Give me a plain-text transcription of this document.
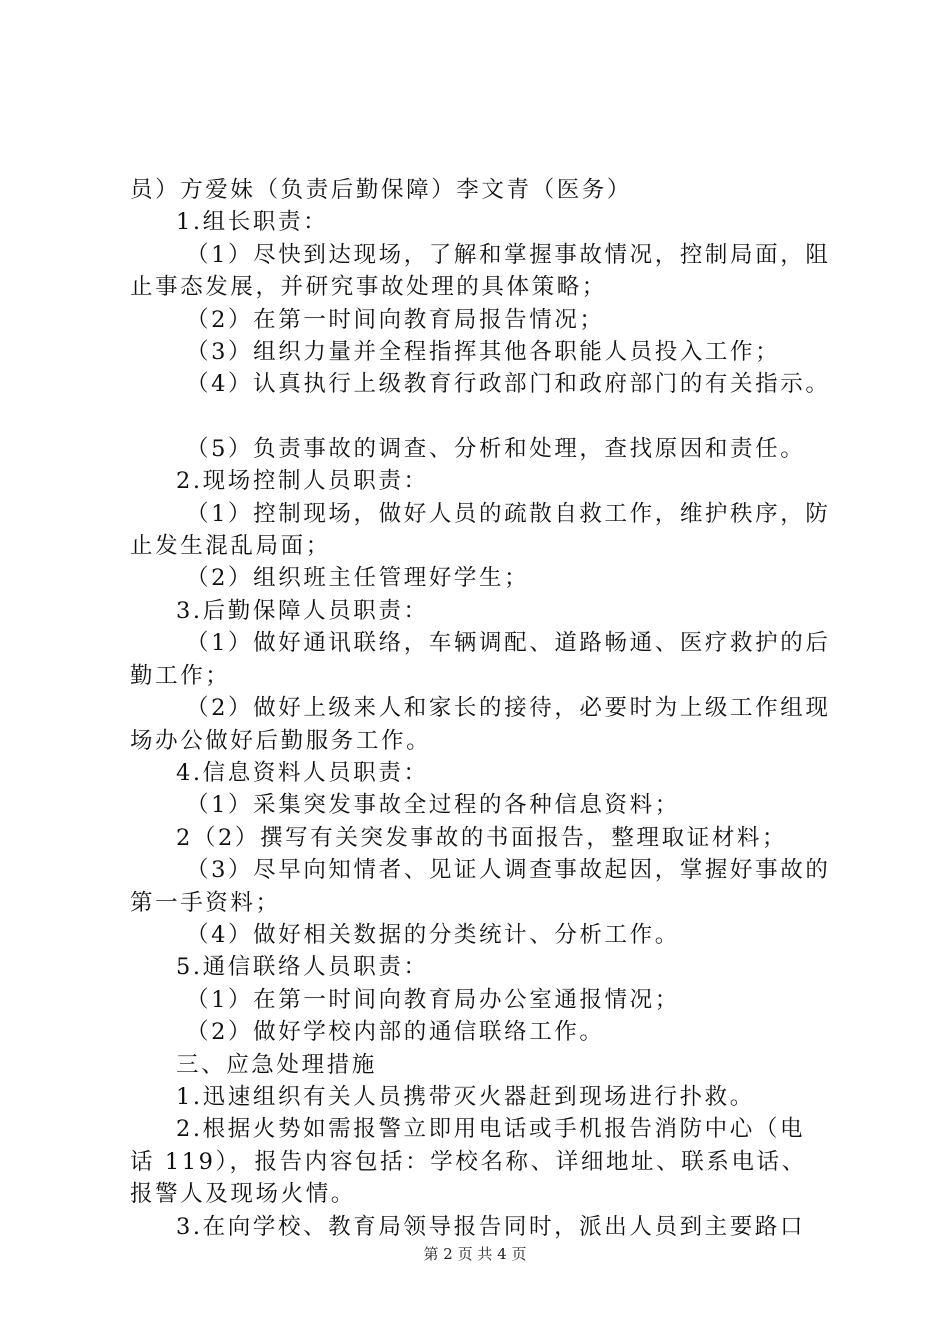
员）方爱妹（负责后勤保障）李文青（医务）

1.组长职责：

（1）尽快到达现场，了解和掌握事故情况，控制局面，阻

止事态发展，并研究事故处理的具体策略；

（2）在第一时间向教育局报告情况；

（3）组织力量并全程指挥其他各职能人员投入工作；

（4）认真执行上级教育行政部门和政府部门的有关指示。

（5）负责事故的调查、分析和处理，查找原因和责任。

2.现场控制人员职责：

（1）控制现场，做好人员的疏散自救工作，维护秩序，防

止发生混乱局面；

（2）组织班主任管理好学生；

3.后勤保障人员职责：

（1）做好通讯联络，车辆调配、道路畅通、医疗救护的后

勤工作；

（2）做好上级来人和家长的接待，必要时为上级工作组现

场办公做好后勤服务工作。

4.信息资料人员职责：

（1）采集突发事故全过程的各种信息资料；

2（2）撰写有关突发事故的书面报告，整理取证材料；

（3）尽早向知情者、见证人调查事故起因，掌握好事故的

第一手资料；

（4）做好相关数据的分类统计、分析工作。

5.通信联络人员职责：

（1）在第一时间向教育局办公室通报情况；

（2）做好学校内部的通信联络工作。

三、应急处理措施

1.迅速组织有关人员携带灭火器赶到现场进行扑救。

2.根据火势如需报警立即用电话或手机报告消防中心（电

话 119），报告内容包括：学校名称、详细地址、联系电话、

报警人及现场火情。

3.在向学校、教育局领导报告同时，派出人员到主要路口

第 2 页 共 4 页
